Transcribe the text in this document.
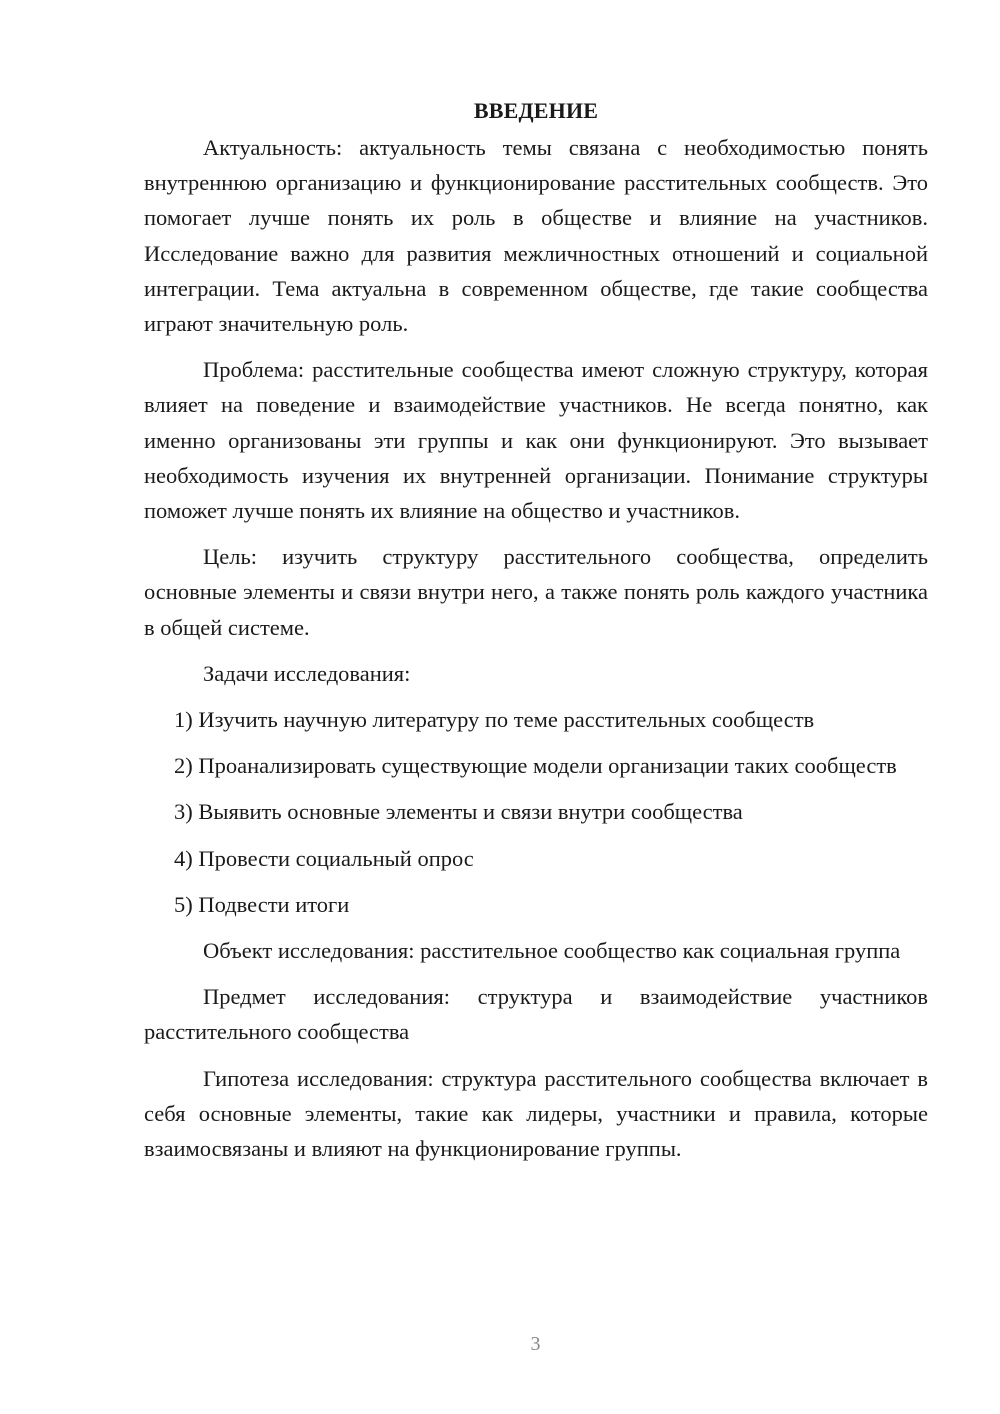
ВВЕДЕНИЕ

Актуальность: актуальность темы связана с необходимостью понять внутреннюю организацию и функционирование расстительных сообществ. Это помогает лучше понять их роль в обществе и влияние на участников. Исследование важно для развития межличностных отношений и социальной интеграции. Тема актуальна в современном обществе, где такие сообщества играют значительную роль.

Проблема: расстительные сообщества имеют сложную структуру, которая влияет на поведение и взаимодействие участников. Не всегда понятно, как именно организованы эти группы и как они функционируют. Это вызывает необходимость изучения их внутренней организации. Понимание структуры поможет лучше понять их влияние на общество и участников.

Цель: изучить структуру расстительного сообщества, определить основные элементы и связи внутри него, а также понять роль каждого участника в общей системе.

Задачи исследования:

1) Изучить научную литературу по теме расстительных сообществ

2) Проанализировать существующие модели организации таких сообществ

3) Выявить основные элементы и связи внутри сообщества

4) Провести социальный опрос

5) Подвести итоги

Объект исследования: расстительное сообщество как социальная группа

Предмет исследования: структура и взаимодействие участников расстительного сообщества

Гипотеза исследования: структура расстительного сообщества включает в себя основные элементы, такие как лидеры, участники и правила, которые взаимосвязаны и влияют на функционирование группы.

3
